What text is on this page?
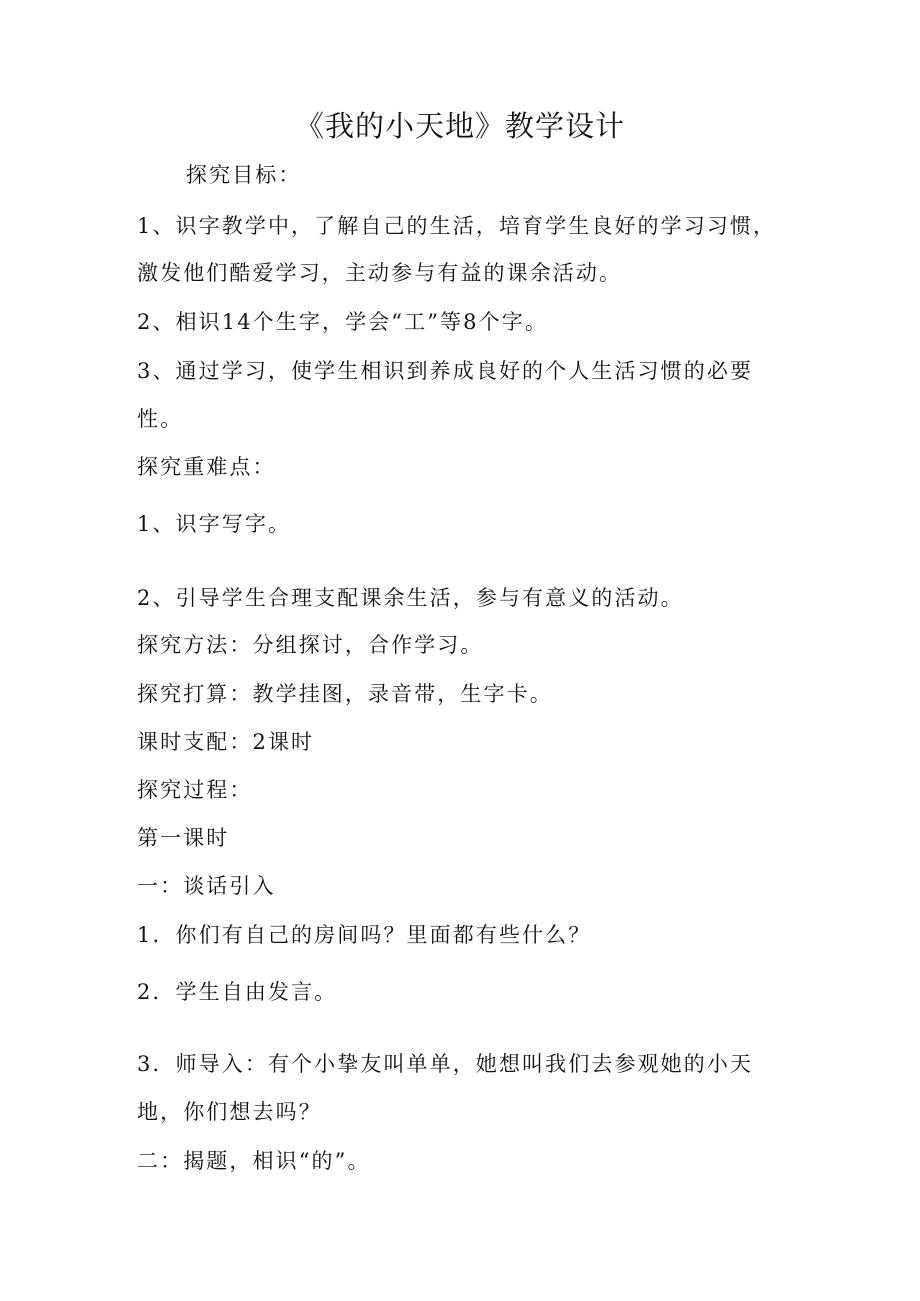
《我的小天地》教学设计
探究目标：
1、识字教学中，了解自己的生活，培育学生良好的学习习惯，
激发他们酷爱学习，主动参与有益的课余活动。
2、相识14个生字，学会“工”等8个字。
3、通过学习，使学生相识到养成良好的个人生活习惯的必要
性。
探究重难点：
1、识字写字。
2、引导学生合理支配课余生活，参与有意义的活动。
探究方法：分组探讨，合作学习。
探究打算：教学挂图，录音带，生字卡。
课时支配：2课时
探究过程：
第一课时
一：谈话引入
1．你们有自己的房间吗？里面都有些什么？
2．学生自由发言。
3．师导入：有个小挚友叫单单，她想叫我们去参观她的小天
地，你们想去吗？
二：揭题，相识“的”。
